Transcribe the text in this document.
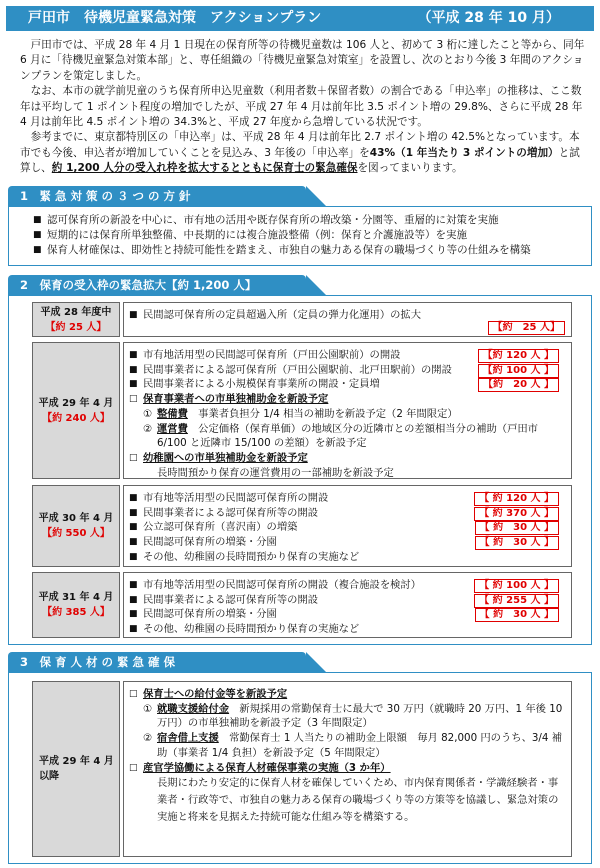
戸田市　待機児童緊急対策　アクションプラン	（平成 28 年 10 月）

戸田市では、平成 28 年 4 月 1 日現在の保育所等の待機児童数は 106 人と、初めて 3 桁に達したこと等から、同年 6 月に「待機児童緊急対策本部」と、専任組織の「待機児童緊急対策室」を設置し、次のとおり今後 3 年間のアクションプランを策定しました。

なお、本市の就学前児童のうち保育所申込児童数（利用者数＋保留者数）の割合である「申込率」の推移は、ここ数年は平均して 1 ポイント程度の増加でしたが、平成 27 年 4 月は前年比 3.5 ポイント増の 29.8%、さらに平成 28 年 4 月は前年比 4.5 ポイント増の 34.3%と、平成 27 年度から急増している状況です。

参考までに、東京都特別区の「申込率」は、平成 28 年 4 月は前年比 2.7 ポイント増の 42.5%となっています。本市でも今後、申込者が増加していくことを見込み、3 年後の「申込率」を43%（1 年当たり 3 ポイントの増加）と試算し、約 1,200 人分の受入れ枠を拡大するとともに保育士の緊急確保を図ってまいります。

1　緊 急 対 策 の ３ つ の 方 針
■ 認可保育所の新設を中心に、市有地の活用や既存保育所の増改築・分園等、重層的に対策を実施
■ 短期的には保育所単独整備、中長期的には複合施設整備（例：保育と介護施設等）を実施
■ 保育人材確保は、即効性と持続可能性を踏まえ、市独自の魅力ある保育の職場づくり等の仕組みを構築
2　保育の受入枠の緊急拡大【約 1,200 人】
平成 28 年度中
【約 25 人】
■ 民間認可保育所の定員超過入所（定員の弾力化運用）の拡大
【約　25 人】
平成 29 年 4 月
【約 240 人】
■ 市有地活用型の民間認可保育所（戸田公園駅前）の開設	【約 120 人 】
■ 民間事業者による認可保育所（戸田公園駅前、北戸田駅前）の開設	【約 100 人 】
■ 民間事業者による小規模保育事業所の開設・定員増	【約　20 人 】
□ 保育事業者への市単独補助金を新設予定
① 整備費　事業者負担分 1/4 相当の補助を新設予定（2 年間限定）
② 運営費　公定価格（保育単価）の地域区分の近隣市との差額相当分の補助（戸田市 6/100 と近隣市 15/100 の差額）を新設予定
□ 幼稚園への市単独補助金を新設予定
長時間預かり保育の運営費用の一部補助を新設予定
平成 30 年 4 月
【約 550 人】
■ 市有地等活用型の民間認可保育所の開設	【 約 120 人 】
■ 民間事業者による認可保育所等の開設	【 約 370 人 】
■ 公立認可保育所（喜沢南）の増築	【 約　30 人 】
■ 民間認可保育所の増築・分園	【 約　30 人 】
■ その他、幼稚園の長時間預かり保育の実施など
平成 31 年 4 月
【約 385 人】
■ 市有地等活用型の民間認可保育所の開設（複合施設を検討）	【 約 100 人 】
■ 民間事業者による認可保育所等の開設	【 約 255 人 】
■ 民間認可保育所の増築・分園	【 約　30 人 】
■ その他、幼稚園の長時間預かり保育の実施など
3　保 育 人 材 の 緊 急 確 保
平成 29 年 4 月
以降
□ 保育士への給付金等を新設予定
① 就職支援給付金　新規採用の常勤保育士に最大で 30 万円（就職時 20 万円、1 年後 10 万円）の市単独補助を新設予定（3 年間限定）
② 宿舎借上支援　常勤保育士 1 人当たりの補助金上限額　毎月 82,000 円のうち、3/4 補助（事業者 1/4 負担）を新設予定（5 年間限定）
□ 産官学協働による保育人材確保事業の実施（3 か年）
長期にわたり安定的に保育人材を確保していくため、市内保育関係者・学識経験者・事業者・行政等で、市独自の魅力ある保育の職場づくり等の方策等を協議し、緊急対策の実施と将来を見据えた持続可能な仕組み等を構築する。
